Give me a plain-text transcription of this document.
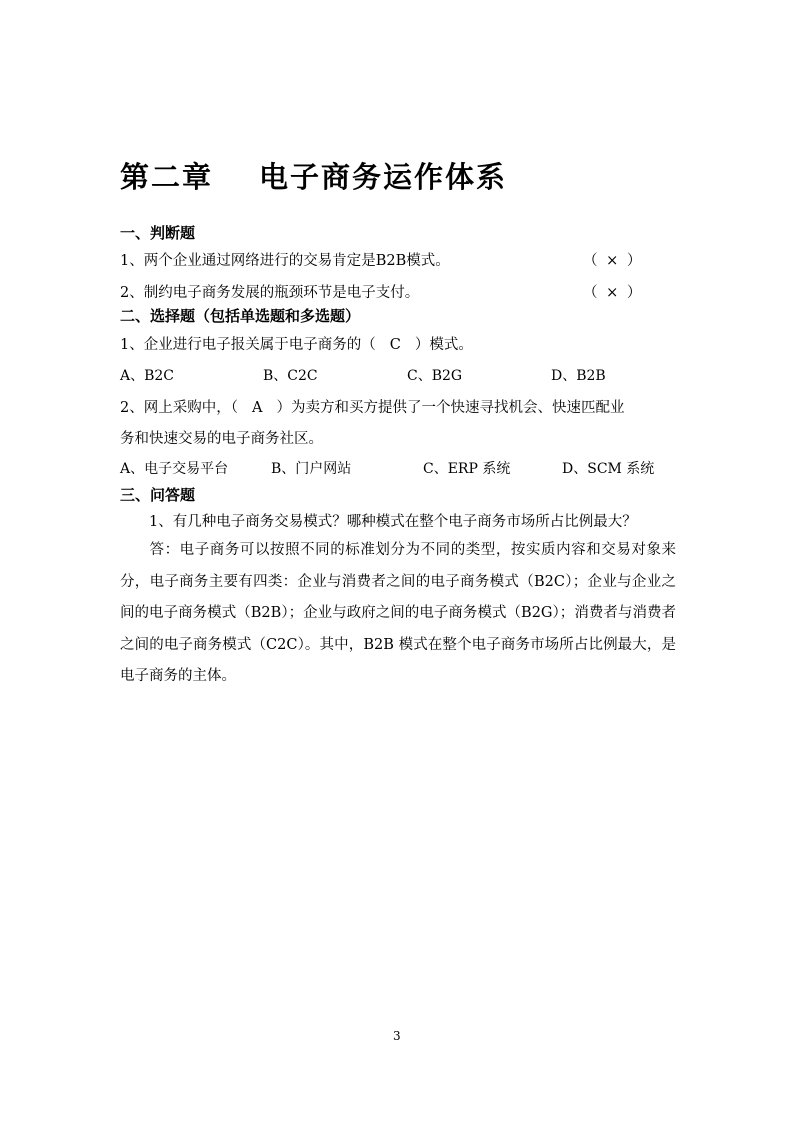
第二章 电子商务运作体系
一、判断题
1、两个企业通过网络进行的交易肯定是B2B模式。	（ × ）
2、制约电子商务发展的瓶颈环节是电子支付。	（ × ）
二、选择题（包括单选题和多选题）
1、企业进行电子报关属于电子商务的（ C ）模式。
A、B2C	B、C2C	C、B2G	D、B2B
2、网上采购中，（ A ）为卖方和买方提供了一个快速寻找机会、快速匹配业
务和快速交易的电子商务社区。
A、电子交易平台	B、门户网站	C、ERP 系统	D、SCM 系统
三、问答题
1、有几种电子商务交易模式？哪种模式在整个电子商务市场所占比例最大？
答：电子商务可以按照不同的标准划分为不同的类型，按实质内容和交易对象来分，电子商务主要有四类：企业与消费者之间的电子商务模式（B2C）；企业与企业之间的电子商务模式（B2B）；企业与政府之间的电子商务模式（B2G）；消费者与消费者之间的电子商务模式（C2C）。其中，B2B 模式在整个电子商务市场所占比例最大，是电子商务的主体。
3
